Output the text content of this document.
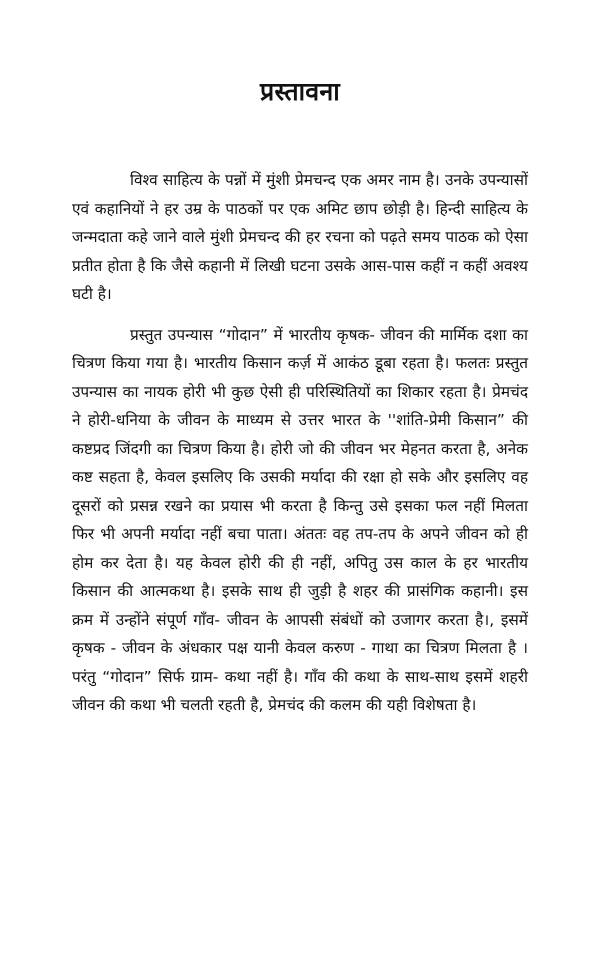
प्रस्तावना

विश्व साहित्य के पन्नों में मुंशी प्रेमचन्द एक अमर नाम है। उनके उपन्यासों एवं कहानियों ने हर उम्र के पाठकों पर एक अमिट छाप छोड़ी है। हिन्दी साहित्य के जन्मदाता कहे जाने वाले मुंशी प्रेमचन्द की हर रचना को पढ़ते समय पाठक को ऐसा प्रतीत होता है कि जैसे कहानी में लिखी घटना उसके आस-पास कहीं न कहीं अवश्य घटी है।

प्रस्तुत उपन्यास “गोदान” में भारतीय कृषक- जीवन की मार्मिक दशा का चित्रण किया गया है। भारतीय किसान कर्ज़ में आकंठ डूबा रहता है। फलतः प्रस्तुत उपन्यास का नायक होरी भी कुछ ऐसी ही परिस्थितियों का शिकार रहता है। प्रेमचंद ने होरी-धनिया के जीवन के माध्यम से उत्तर भारत के ''शांति-प्रेमी किसान” की कष्टप्रद जिंदगी का चित्रण किया है। होरी जो की जीवन भर मेहनत करता है, अनेक कष्ट सहता है, केवल इसलिए कि उसकी मर्यादा की रक्षा हो सके और इसलिए वह दूसरों को प्रसन्न रखने का प्रयास भी करता है किन्तु उसे इसका फल नहीं मिलता फिर भी अपनी मर्यादा नहीं बचा पाता। अंततः वह तप-तप के अपने जीवन को ही होम कर देता है। यह केवल होरी की ही नहीं, अपितु उस काल के हर भारतीय किसान की आत्मकथा है। इसके साथ ही जुड़ी है शहर की प्रासंगिक कहानी। इस क्रम में उन्होंने संपूर्ण गाँव- जीवन के आपसी संबंधों को उजागर करता है।, इसमें कृषक - जीवन के अंधकार पक्ष यानी केवल करुण - गाथा का चित्रण मिलता है । परंतु “गोदान” सिर्फ ग्राम- कथा नहीं है। गाँव की कथा के साथ-साथ इसमें शहरी जीवन की कथा भी चलती रहती है, प्रेमचंद की कलम की यही विशेषता है।
